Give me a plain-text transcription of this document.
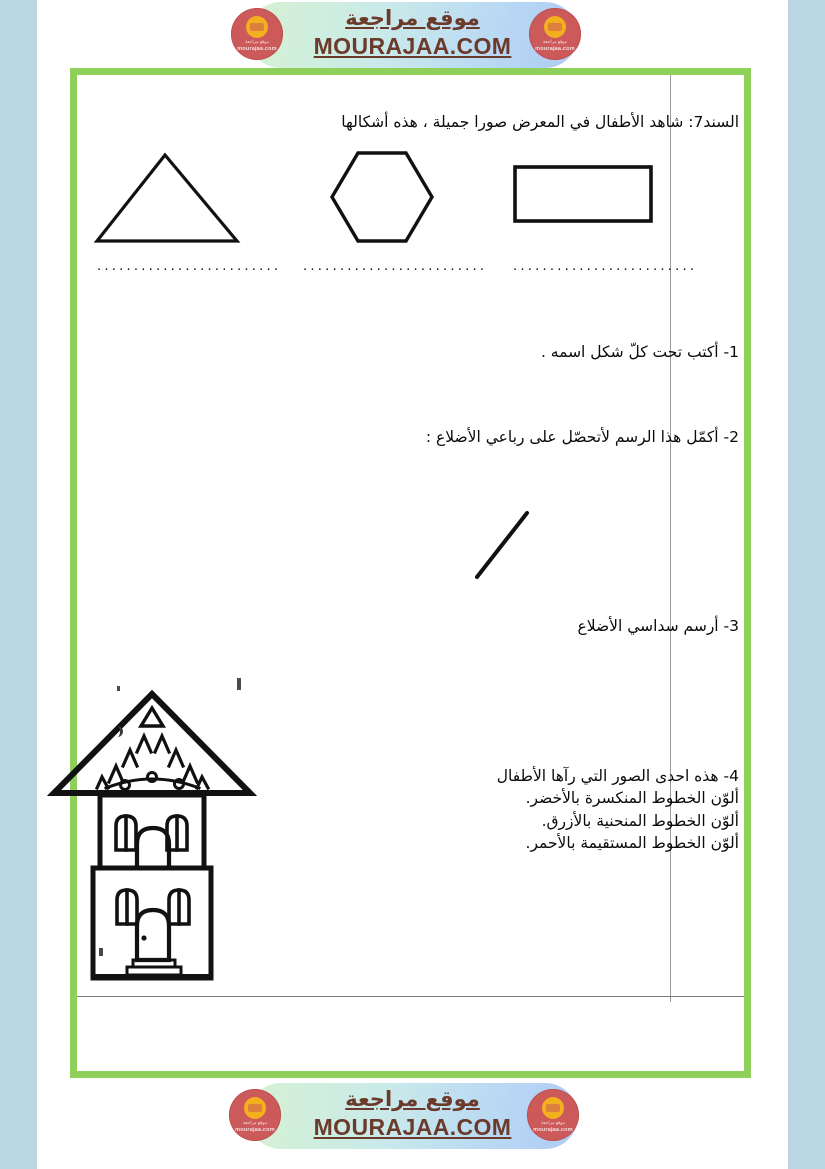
السند7: شاهد الأطفال في المعرض صورا جميلة ، هذه أشكالها
......................... ......................... .........................
1- أكتب تحت كلّ شكل اسمه .
2- أكمّل هذا الرسم لأتحصّل على رباعي الأضلاع :
3- أرسم سداسي الأضلاع
4- هذه احدى الصور التي رآها الأطفال
ألوّن الخطوط المنكسرة بالأخضر.
ألوّن الخطوط المنحنية بالأزرق.
ألوّن الخطوط المستقيمة بالأحمر.
موقع مراجعة
mourajaa.com
موقع مراجعة
mourajaa.com
موقع مراجعة
MOURAJAA.COM
موقع مراجعة
mourajaa.com
موقع مراجعة
mourajaa.com
موقع مراجعة
MOURAJAA.COM
